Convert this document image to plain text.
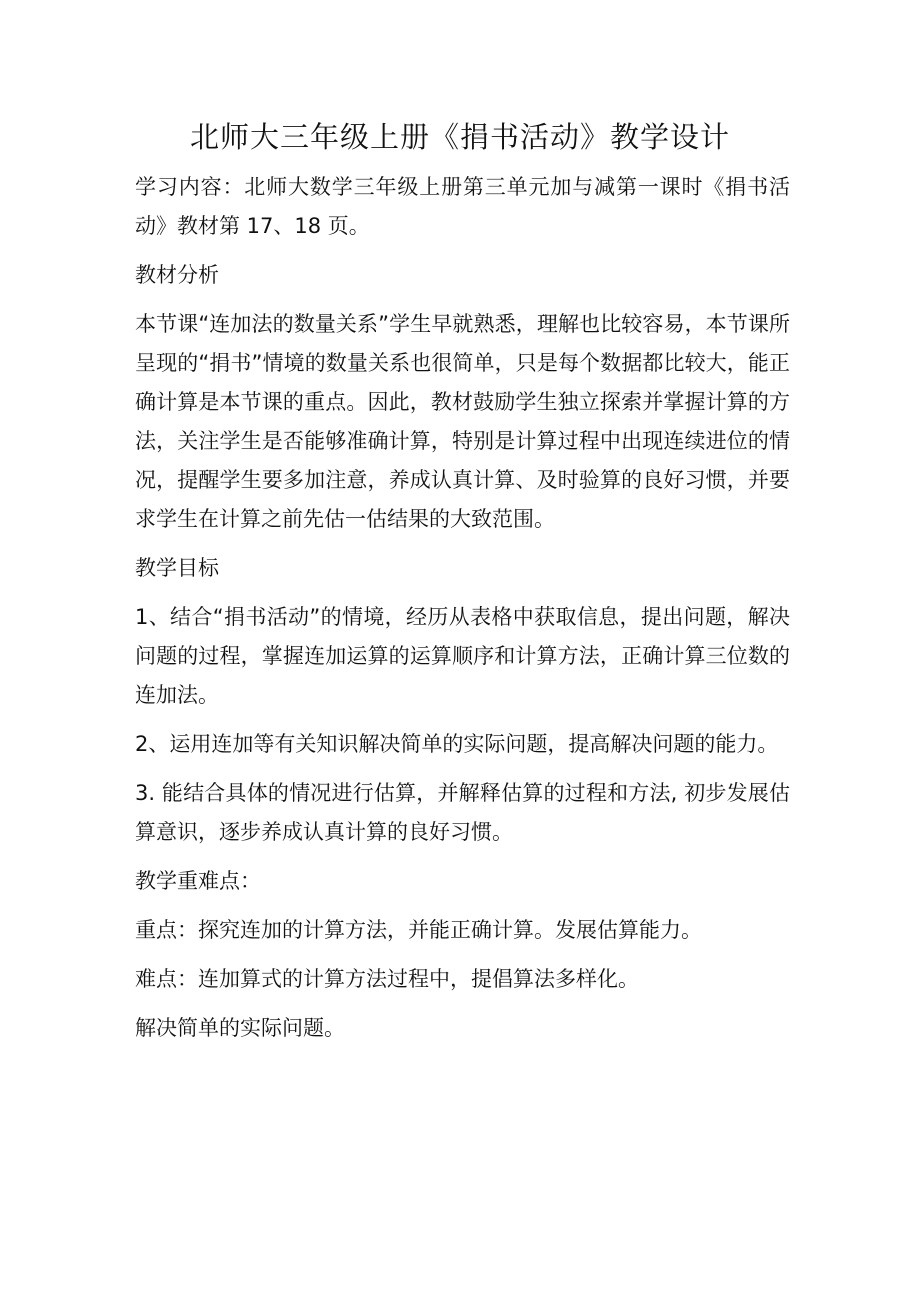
北师大三年级上册《捐书活动》教学设计

学习内容：北师大数学三年级上册第三单元加与减第一课时《捐书活动》教材第 17、18 页。

教材分析

本节课“连加法的数量关系”学生早就熟悉，理解也比较容易，本节课所呈现的“捐书”情境的数量关系也很简单，只是每个数据都比较大，能正确计算是本节课的重点。因此，教材鼓励学生独立探索并掌握计算的方法，关注学生是否能够准确计算，特别是计算过程中出现连续进位的情况，提醒学生要多加注意，养成认真计算、及时验算的良好习惯，并要求学生在计算之前先估一估结果的大致范围。

教学目标

1、结合“捐书活动”的情境，经历从表格中获取信息，提出问题，解决问题的过程，掌握连加运算的运算顺序和计算方法，正确计算三位数的连加法。

2、运用连加等有关知识解决简单的实际问题，提高解决问题的能力。

3. 能结合具体的情况进行估算，并解释估算的过程和方法, 初步发展估算意识，逐步养成认真计算的良好习惯。

教学重难点：

重点：探究连加的计算方法，并能正确计算。发展估算能力。

难点：连加算式的计算方法过程中，提倡算法多样化。

解决简单的实际问题。
